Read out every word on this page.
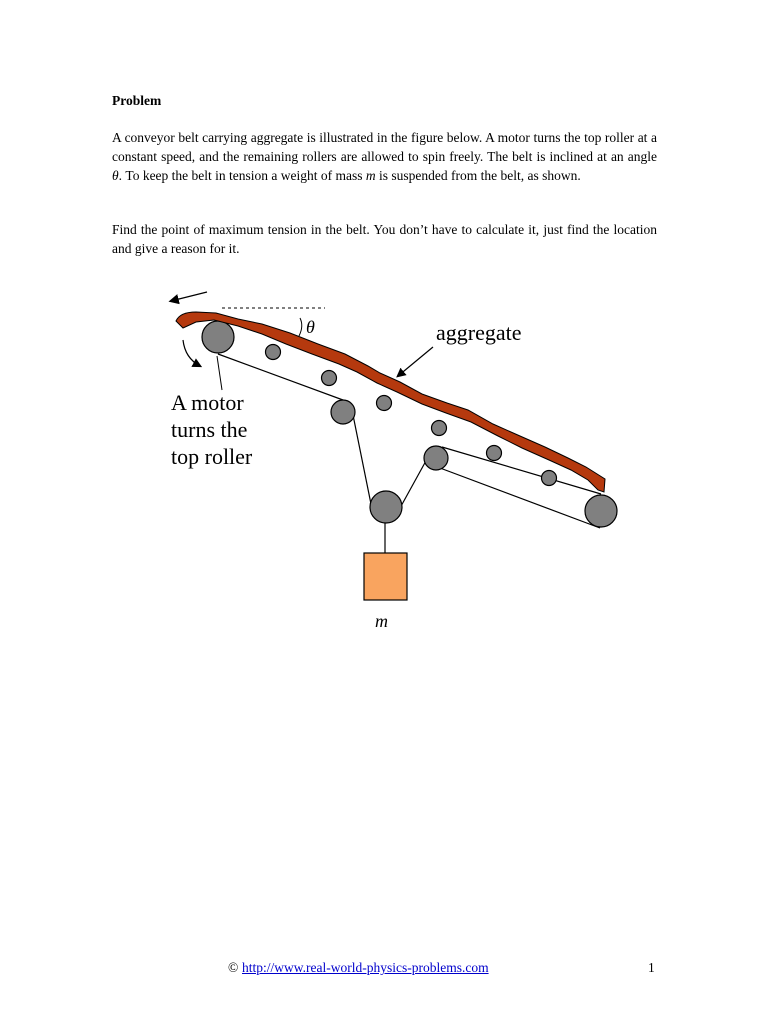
Problem

A conveyor belt carrying aggregate is illustrated in the figure below. A motor turns the top roller at a constant speed, and the remaining rollers are allowed to spin freely. The belt is inclined at an angle θ. To keep the belt in tension a weight of mass m is suspended from the belt, as shown.

Find the point of maximum tension in the belt. You don’t have to calculate it, just find the location and give a reason for it.

θ	aggregate
A motor
turns the
top roller
m
© http://www.real-world-physics-problems.com	1
